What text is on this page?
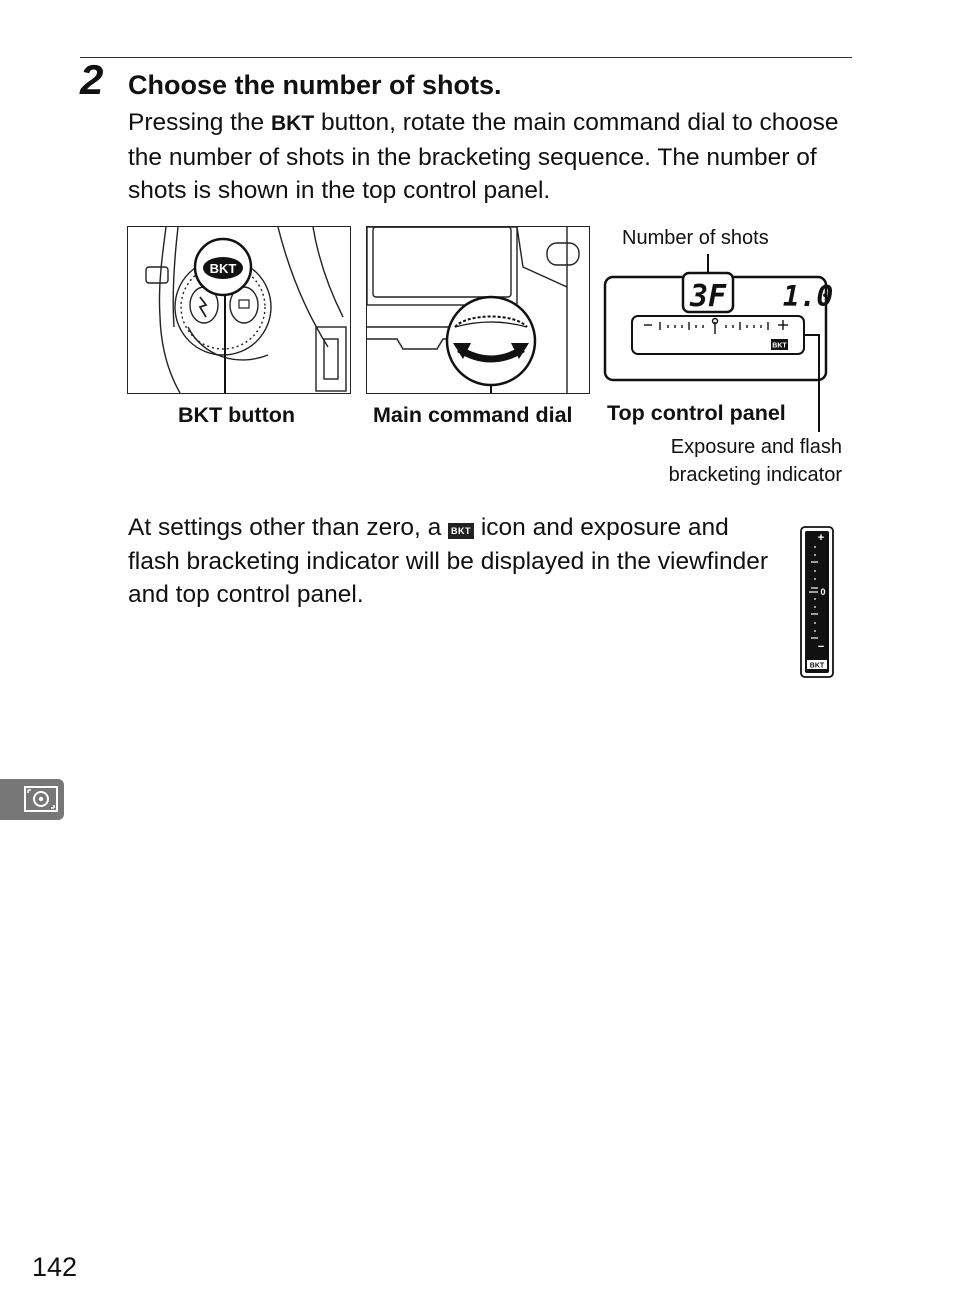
2 Choose the number of shots.
Pressing the BKT button, rotate the main command dial to choose the number of shots in the bracketing sequence. The number of shots is shown in the top control panel.
BKT
3F 1.0
BKT
Number of shots
BKT button	Main command dial Top control panel
Exposure and flash
bracketing indicator
At settings other than zero, a BKT icon and exposure and flash bracketing indicator will be displayed in the viewfinder and top control panel.
+
0
−
BKT
142
